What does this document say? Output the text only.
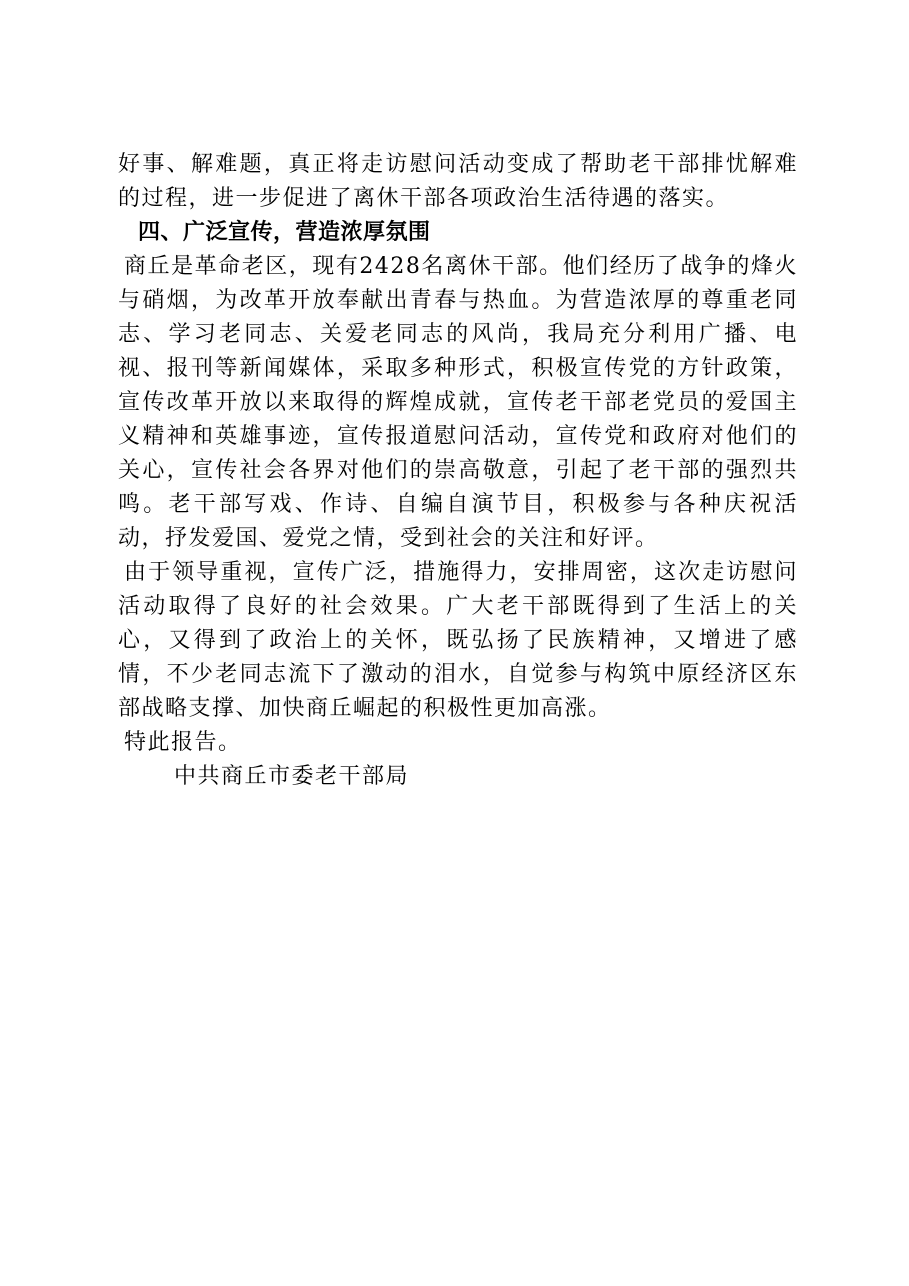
好事、解难题，真正将走访慰问活动变成了帮助老干部排忧解难的过程，进一步促进了离休干部各项政治生活待遇的落实。

四、广泛宣传，营造浓厚氛围

商丘是革命老区，现有2428名离休干部。他们经历了战争的烽火与硝烟，为改革开放奉献出青春与热血。为营造浓厚的尊重老同志、学习老同志、关爱老同志的风尚，我局充分利用广播、电视、报刊等新闻媒体，采取多种形式，积极宣传党的方针政策，宣传改革开放以来取得的辉煌成就，宣传老干部老党员的爱国主义精神和英雄事迹，宣传报道慰问活动，宣传党和政府对他们的关心，宣传社会各界对他们的崇高敬意，引起了老干部的强烈共鸣。老干部写戏、作诗、自编自演节目，积极参与各种庆祝活动，抒发爱国、爱党之情，受到社会的关注和好评。

由于领导重视，宣传广泛，措施得力，安排周密，这次走访慰问活动取得了良好的社会效果。广大老干部既得到了生活上的关心，又得到了政治上的关怀，既弘扬了民族精神，又增进了感情，不少老同志流下了激动的泪水，自觉参与构筑中原经济区东部战略支撑、加快商丘崛起的积极性更加高涨。

特此报告。

中共商丘市委老干部局
